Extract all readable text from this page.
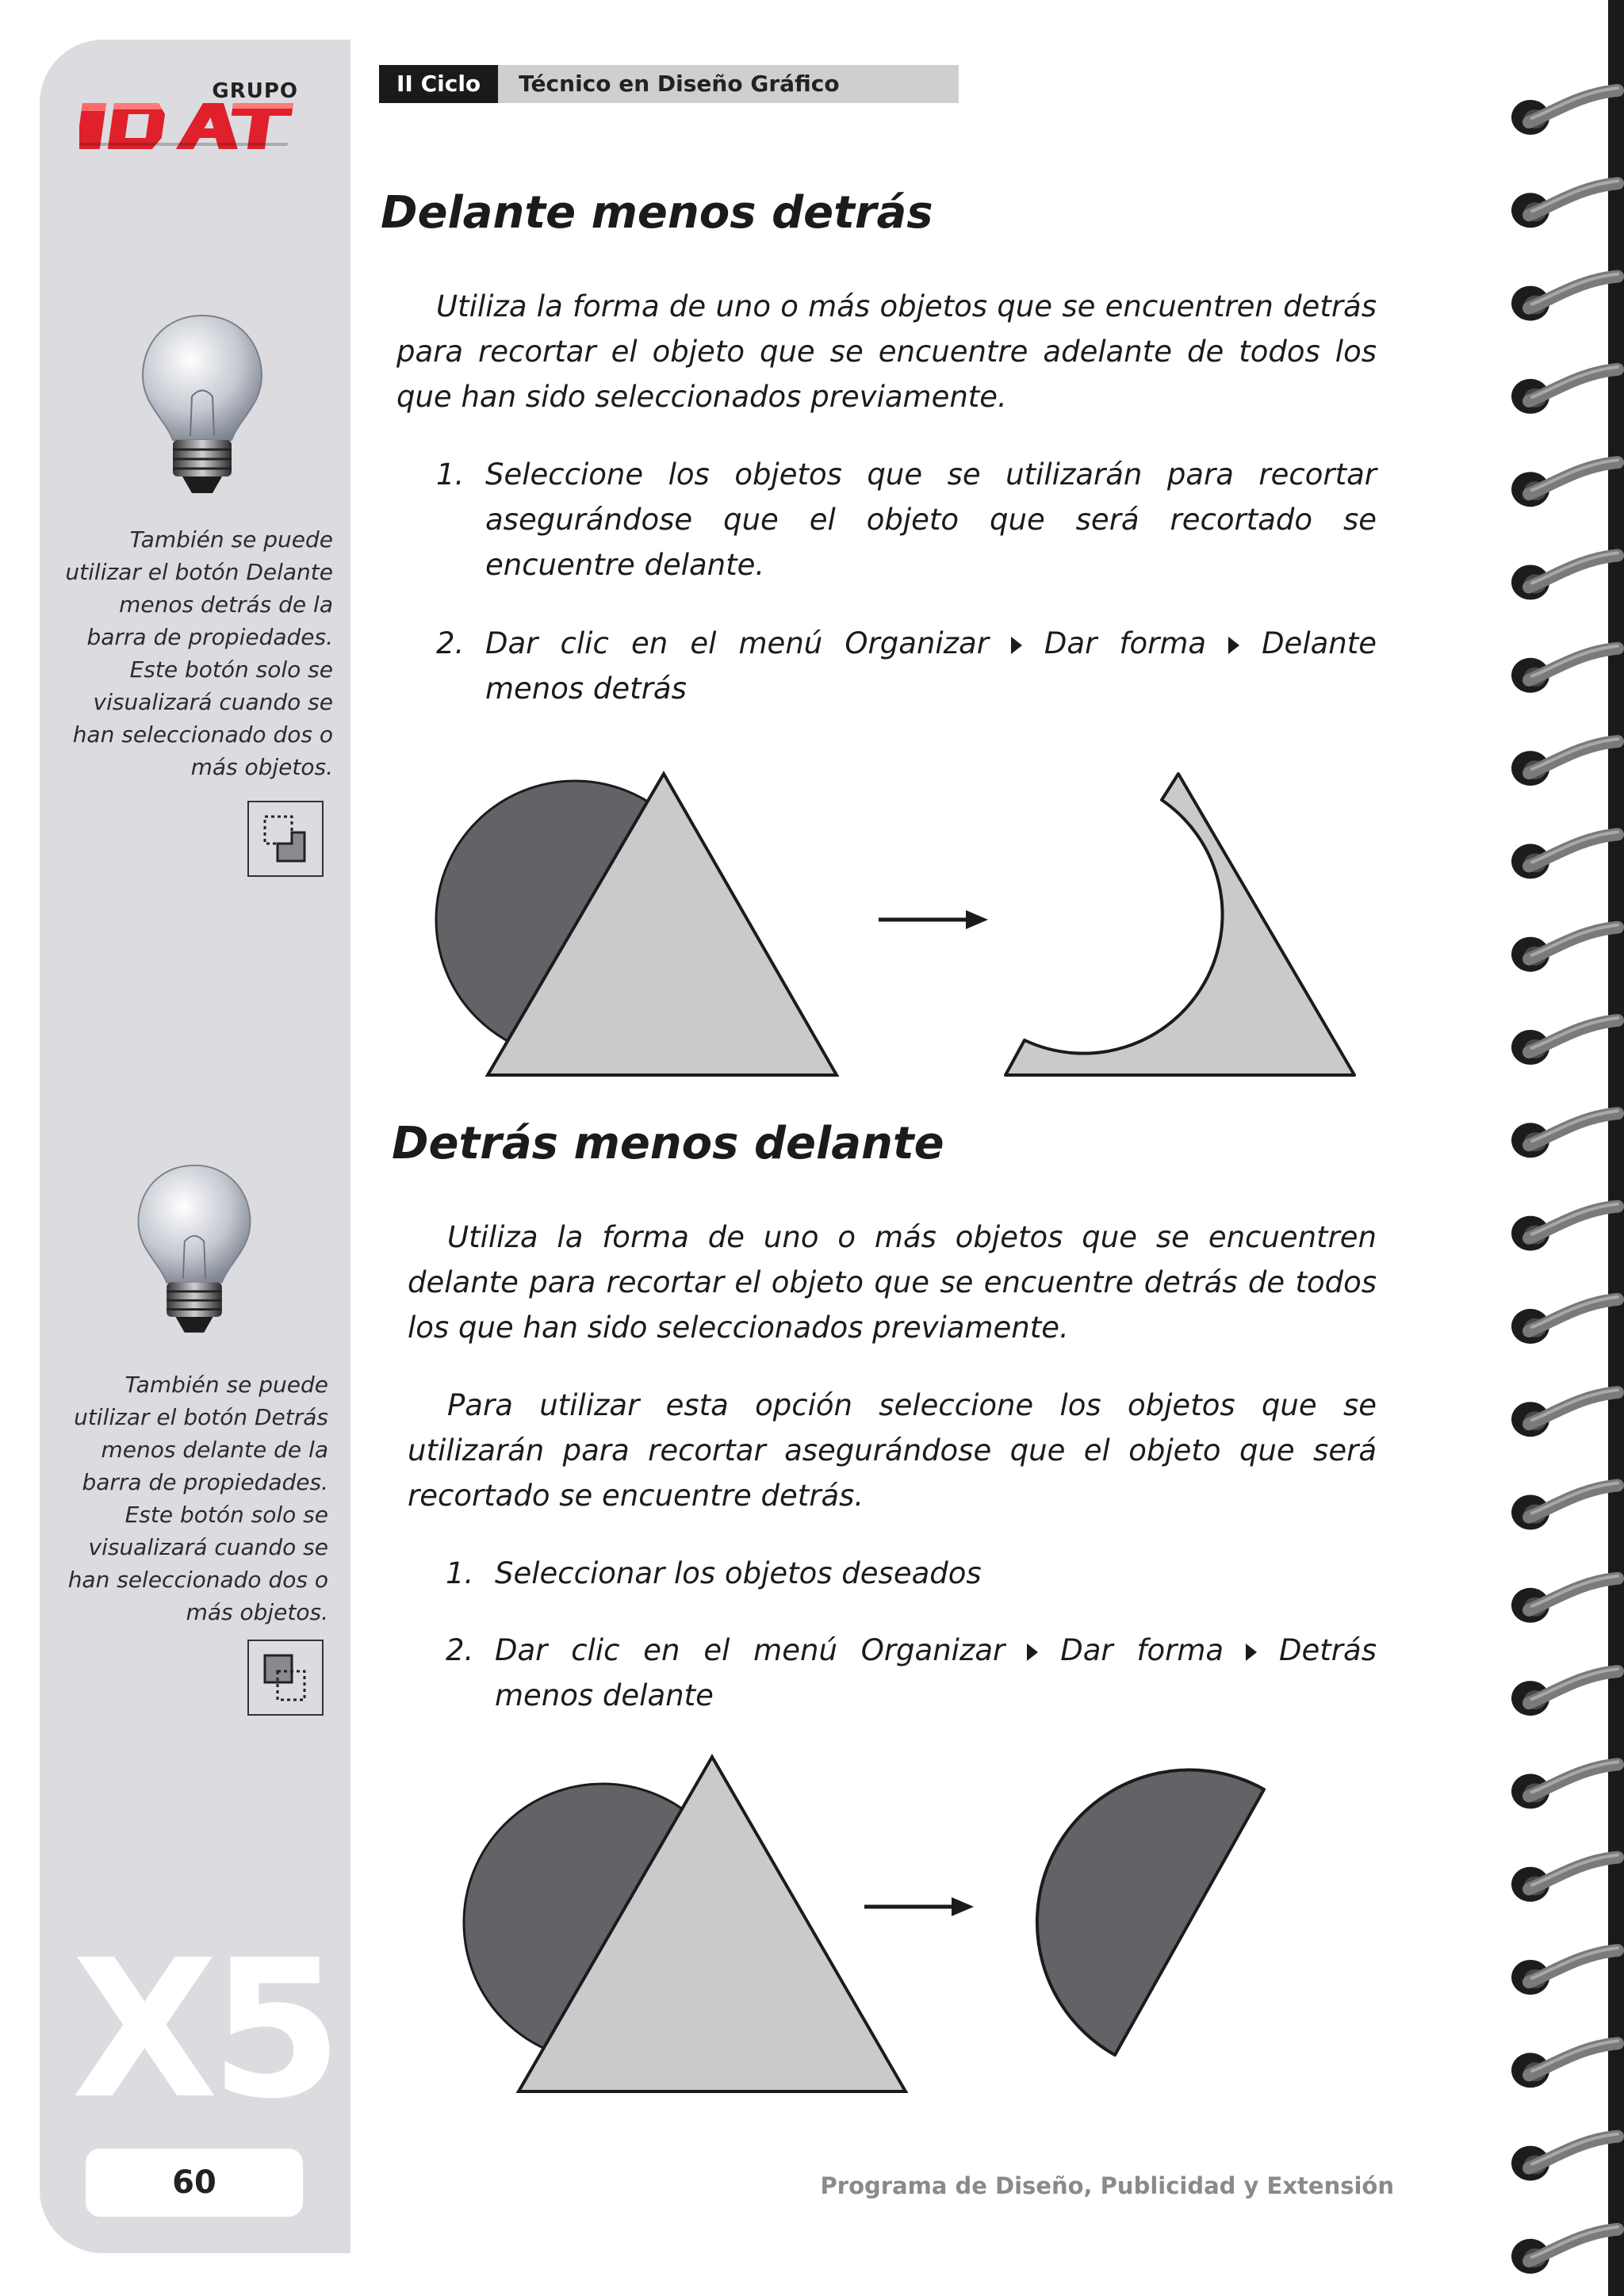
GRUPO
También se puede utilizar el botón Delante menos detrás de la barra de propiedades. Este botón solo se visualizará cuando se han seleccionado dos o más objetos.
También se puede utilizar el botón Detrás menos delante de la barra de propiedades. Este botón solo se visualizará cuando se han seleccionado dos o más objetos.
X5
60
II Ciclo	Técnico en Diseño Gráfico
Delante menos detrás

Utiliza la forma de uno o más objetos que se encuentren detrás para recortar el objeto que se encuentre adelante de todos los que han sido seleccionados previamente.

1. Seleccione los objetos que se utilizarán para recortar asegurándose que el objeto que será recortado se encuentre delante.
2. Dar clic en el menú Organizar Dar forma Delante menos detrás
Detrás menos delante

Utiliza la forma de uno o más objetos que se encuentren delante para recortar el objeto que se encuentre detrás de todos los que han sido seleccionados previamente.

Para utilizar esta opción seleccione los objetos que se utilizarán para recortar asegurándose que el objeto que será recortado se encuentre detrás.

1. Seleccionar los objetos deseados
2. Dar clic en el menú Organizar Dar forma Detrás menos delante
Programa de Diseño, Publicidad y Extensión
